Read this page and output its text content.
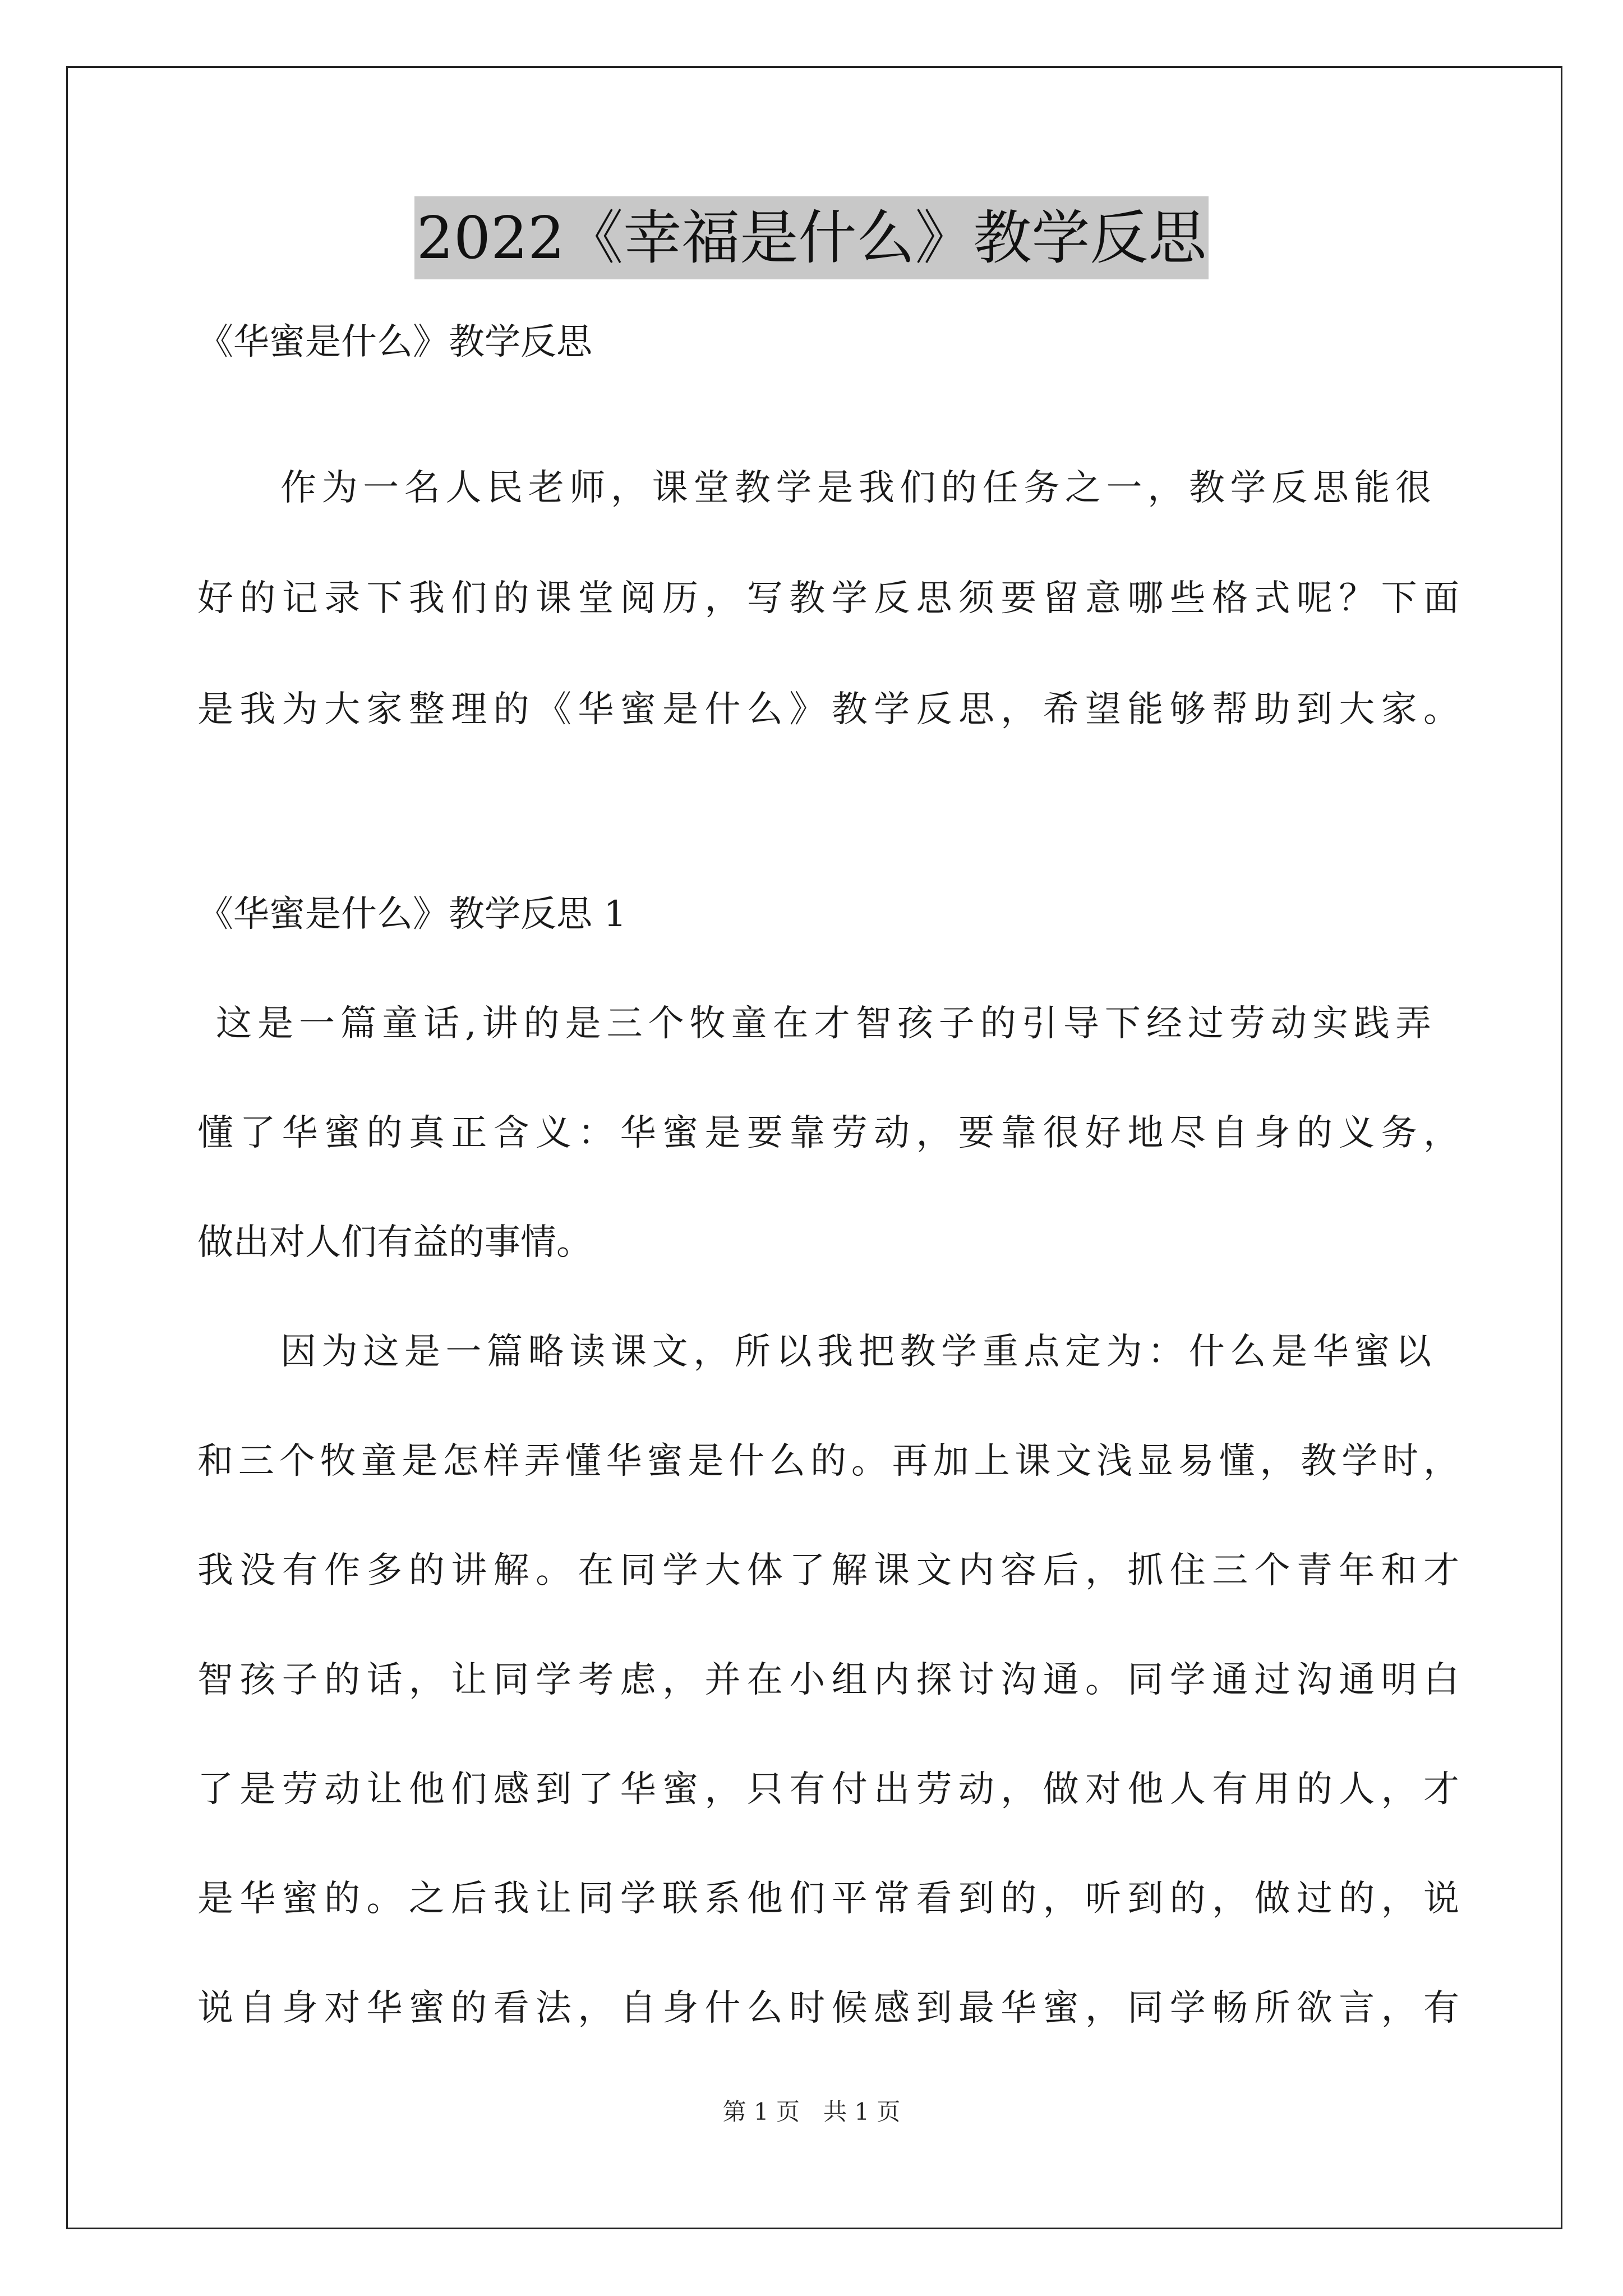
2022《幸福是什么》教学反思
《华蜜是什么》教学反思
作为一名人民老师，课堂教学是我们的任务之一，教学反思能很
好的记录下我们的课堂阅历，写教学反思须要留意哪些格式呢？下面
是我为大家整理的《华蜜是什么》教学反思，希望能够帮助到大家。
《华蜜是什么》教学反思 1
这是一篇童话,讲的是三个牧童在才智孩子的引导下经过劳动实践弄
懂了华蜜的真正含义：华蜜是要靠劳动，要靠很好地尽自身的义务，
做出对人们有益的事情。
因为这是一篇略读课文，所以我把教学重点定为：什么是华蜜以
和三个牧童是怎样弄懂华蜜是什么的。再加上课文浅显易懂，教学时，
我没有作多的讲解。在同学大体了解课文内容后，抓住三个青年和才
智孩子的话，让同学考虑，并在小组内探讨沟通。同学通过沟通明白
了是劳动让他们感到了华蜜，只有付出劳动，做对他人有用的人，才
是华蜜的。之后我让同学联系他们平常看到的，听到的，做过的，说
说自身对华蜜的看法，自身什么时候感到最华蜜，同学畅所欲言，有
第 1 页　共 1 页
